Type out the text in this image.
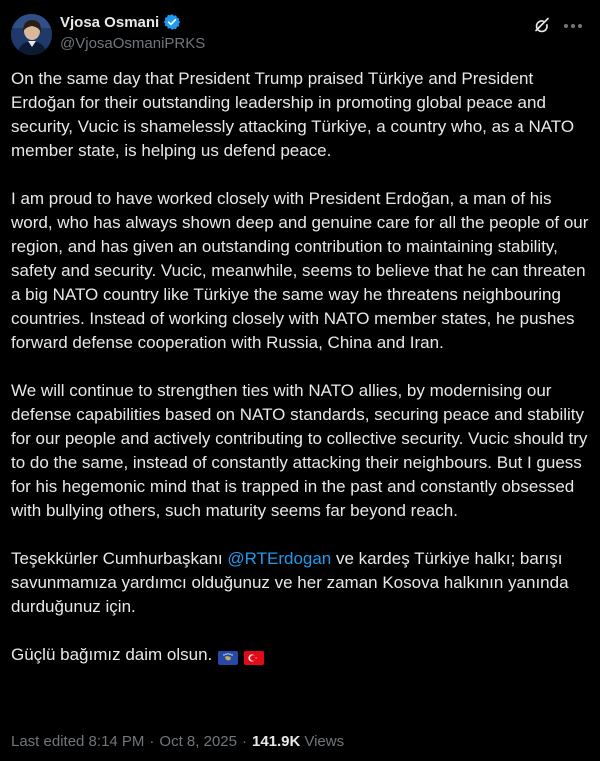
Vjosa Osmani
@VjosaOsmaniPRKS

On the same day that President Trump praised Türkiye and President Erdoğan for their outstanding leadership in promoting global peace and security, Vucic is shamelessly attacking Türkiye, a country who, as a NATO member state, is helping us defend peace.

I am proud to have worked closely with President Erdoğan, a man of his word, who has always shown deep and genuine care for all the people of our region, and has given an outstanding contribution to maintaining stability, safety and security. Vucic, meanwhile, seems to believe that he can threaten a big NATO country like Türkiye the same way he threatens neighbouring countries. Instead of working closely with NATO member states, he pushes forward defense cooperation with Russia, China and Iran.

We will continue to strengthen ties with NATO allies, by modernising our defense capabilities based on NATO standards, securing peace and stability for our people and actively contributing to collective security. Vucic should try to do the same, instead of constantly attacking their neighbours. But I guess for his hegemonic mind that is trapped in the past and constantly obsessed with bullying others, such maturity seems far beyond reach.

Teşekkürler Cumhurbaşkanı @RTErdogan ve kardeş Türkiye halkı; barışı savunmamıza yardımcı olduğunuz ve her zaman Kosova halkının yanında durduğunuz için.

Güçlü bağımız daim olsun.

Last edited 8:14 PM · Oct 8, 2025 · 141.9K Views
